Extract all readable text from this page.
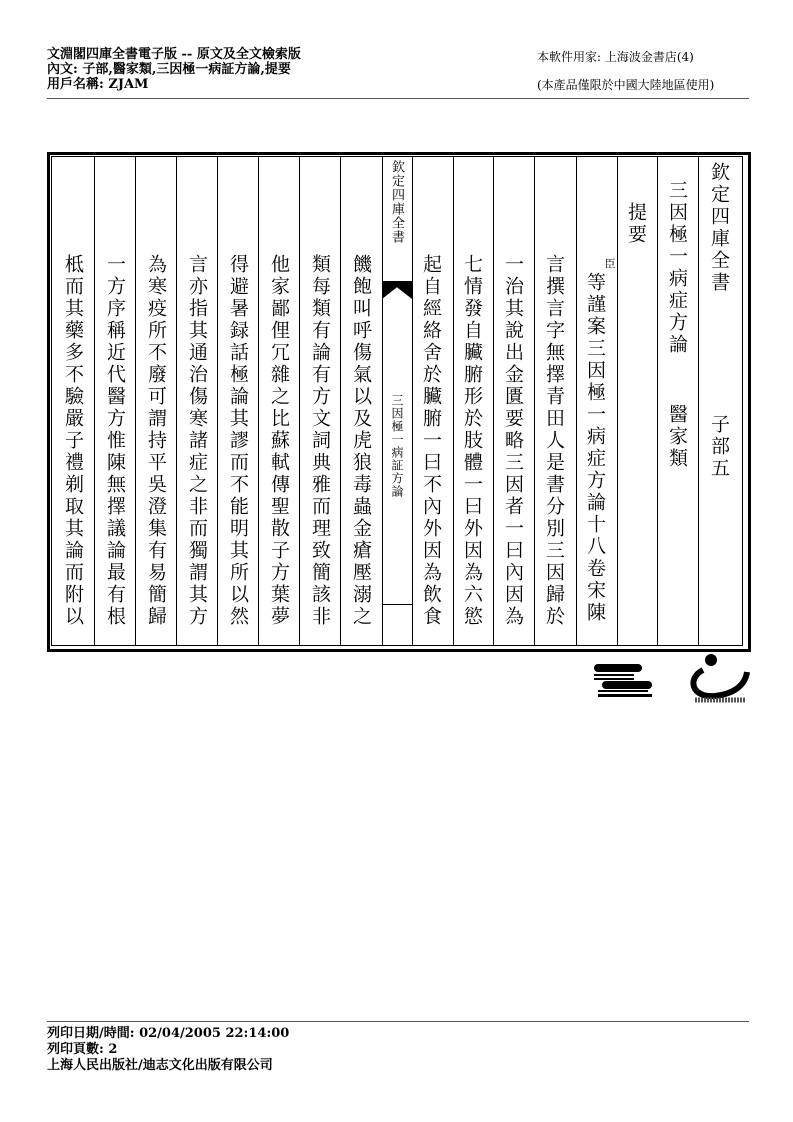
文淵閣四庫全書電子版 -- 原文及全文檢索版
內文: 子部,醫家類,三因極一病証方論,提要
用戶名稱: ZJAM
本軟件用家: 上海波金書店(4)
(本產品僅限於中國大陸地區使用)
欽定四庫全書
子部五
三因極一病症方論
醫家類
提要
臣
等謹案三因極一病症方論十八卷宋陳
言撰言字無擇青田人是書分別三因歸於
一治其說出金匱要略三因者一曰內因為
七情發自臟腑形於肢體一曰外因為六慾
起自經絡舍於臟腑一曰不內外因為飲食
欽定四庫全書
三因極一病証方論
饑飽叫呼傷氣以及虎狼毒蟲金瘡壓溺之
類每類有論有方文詞典雅而理致簡該非
他家鄙俚冗雜之比蘇軾傳聖散子方葉夢
得避暑録話極論其謬而不能明其所以然
言亦指其通治傷寒諸症之非而獨謂其方
為寒疫所不廢可謂持平吳澄集有易簡歸
一方序稱近代醫方惟陳無擇議論最有根
柢而其藥多不驗嚴子禮剃取其論而附以
列印日期/時間: 02/04/2005 22:14:00
列印頁數: 2
上海人民出版社/迪志文化出版有限公司
